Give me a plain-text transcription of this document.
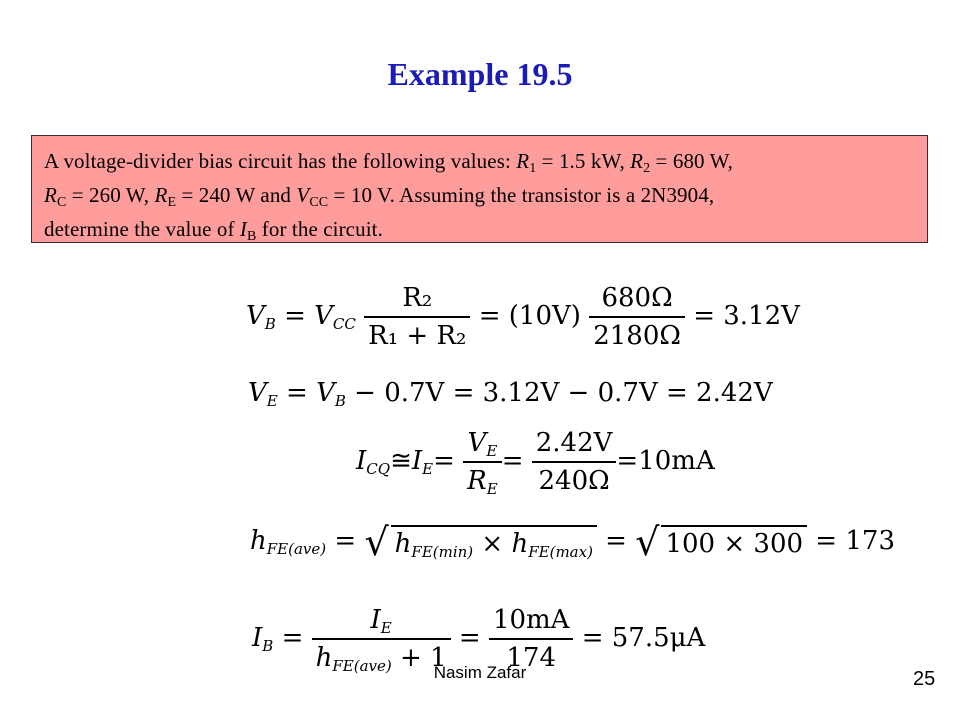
Example 19.5
A voltage-divider bias circuit has the following values: $R_1 = 1.5$ kW, $R_2 = 680$ W,
$R_C = 260$ W, $R_E = 240$ W and $V_{CC} = 10$ V. Assuming the transistor is a 2N3904,
determine the value of $I_B$ for the circuit.
$V_B = V_{CC} \frac{\text{R₂}}{\text{R₁ + R₂}} = (10V) \frac{680\Omega}{2180\Omega} = 3.12V$
$V_E = V_B - 0.7V = 3.12V - 0.7V = 2.42V$
$I_{CQ}≅I_E= \frac{V_E}{R_E} = \frac{2.42V}{240\Omega} =10mA$
$h_{FE(ave)}$ = √ $h_{FE(min)} \times h_{FE(max)}$ = √ 100 × 300 = 173
$I_B = \frac{I_E}{h_{FE(ave)} + 1} = \frac{10mA}{174} = 57.5\mu A$
Nasim Zafar	25
